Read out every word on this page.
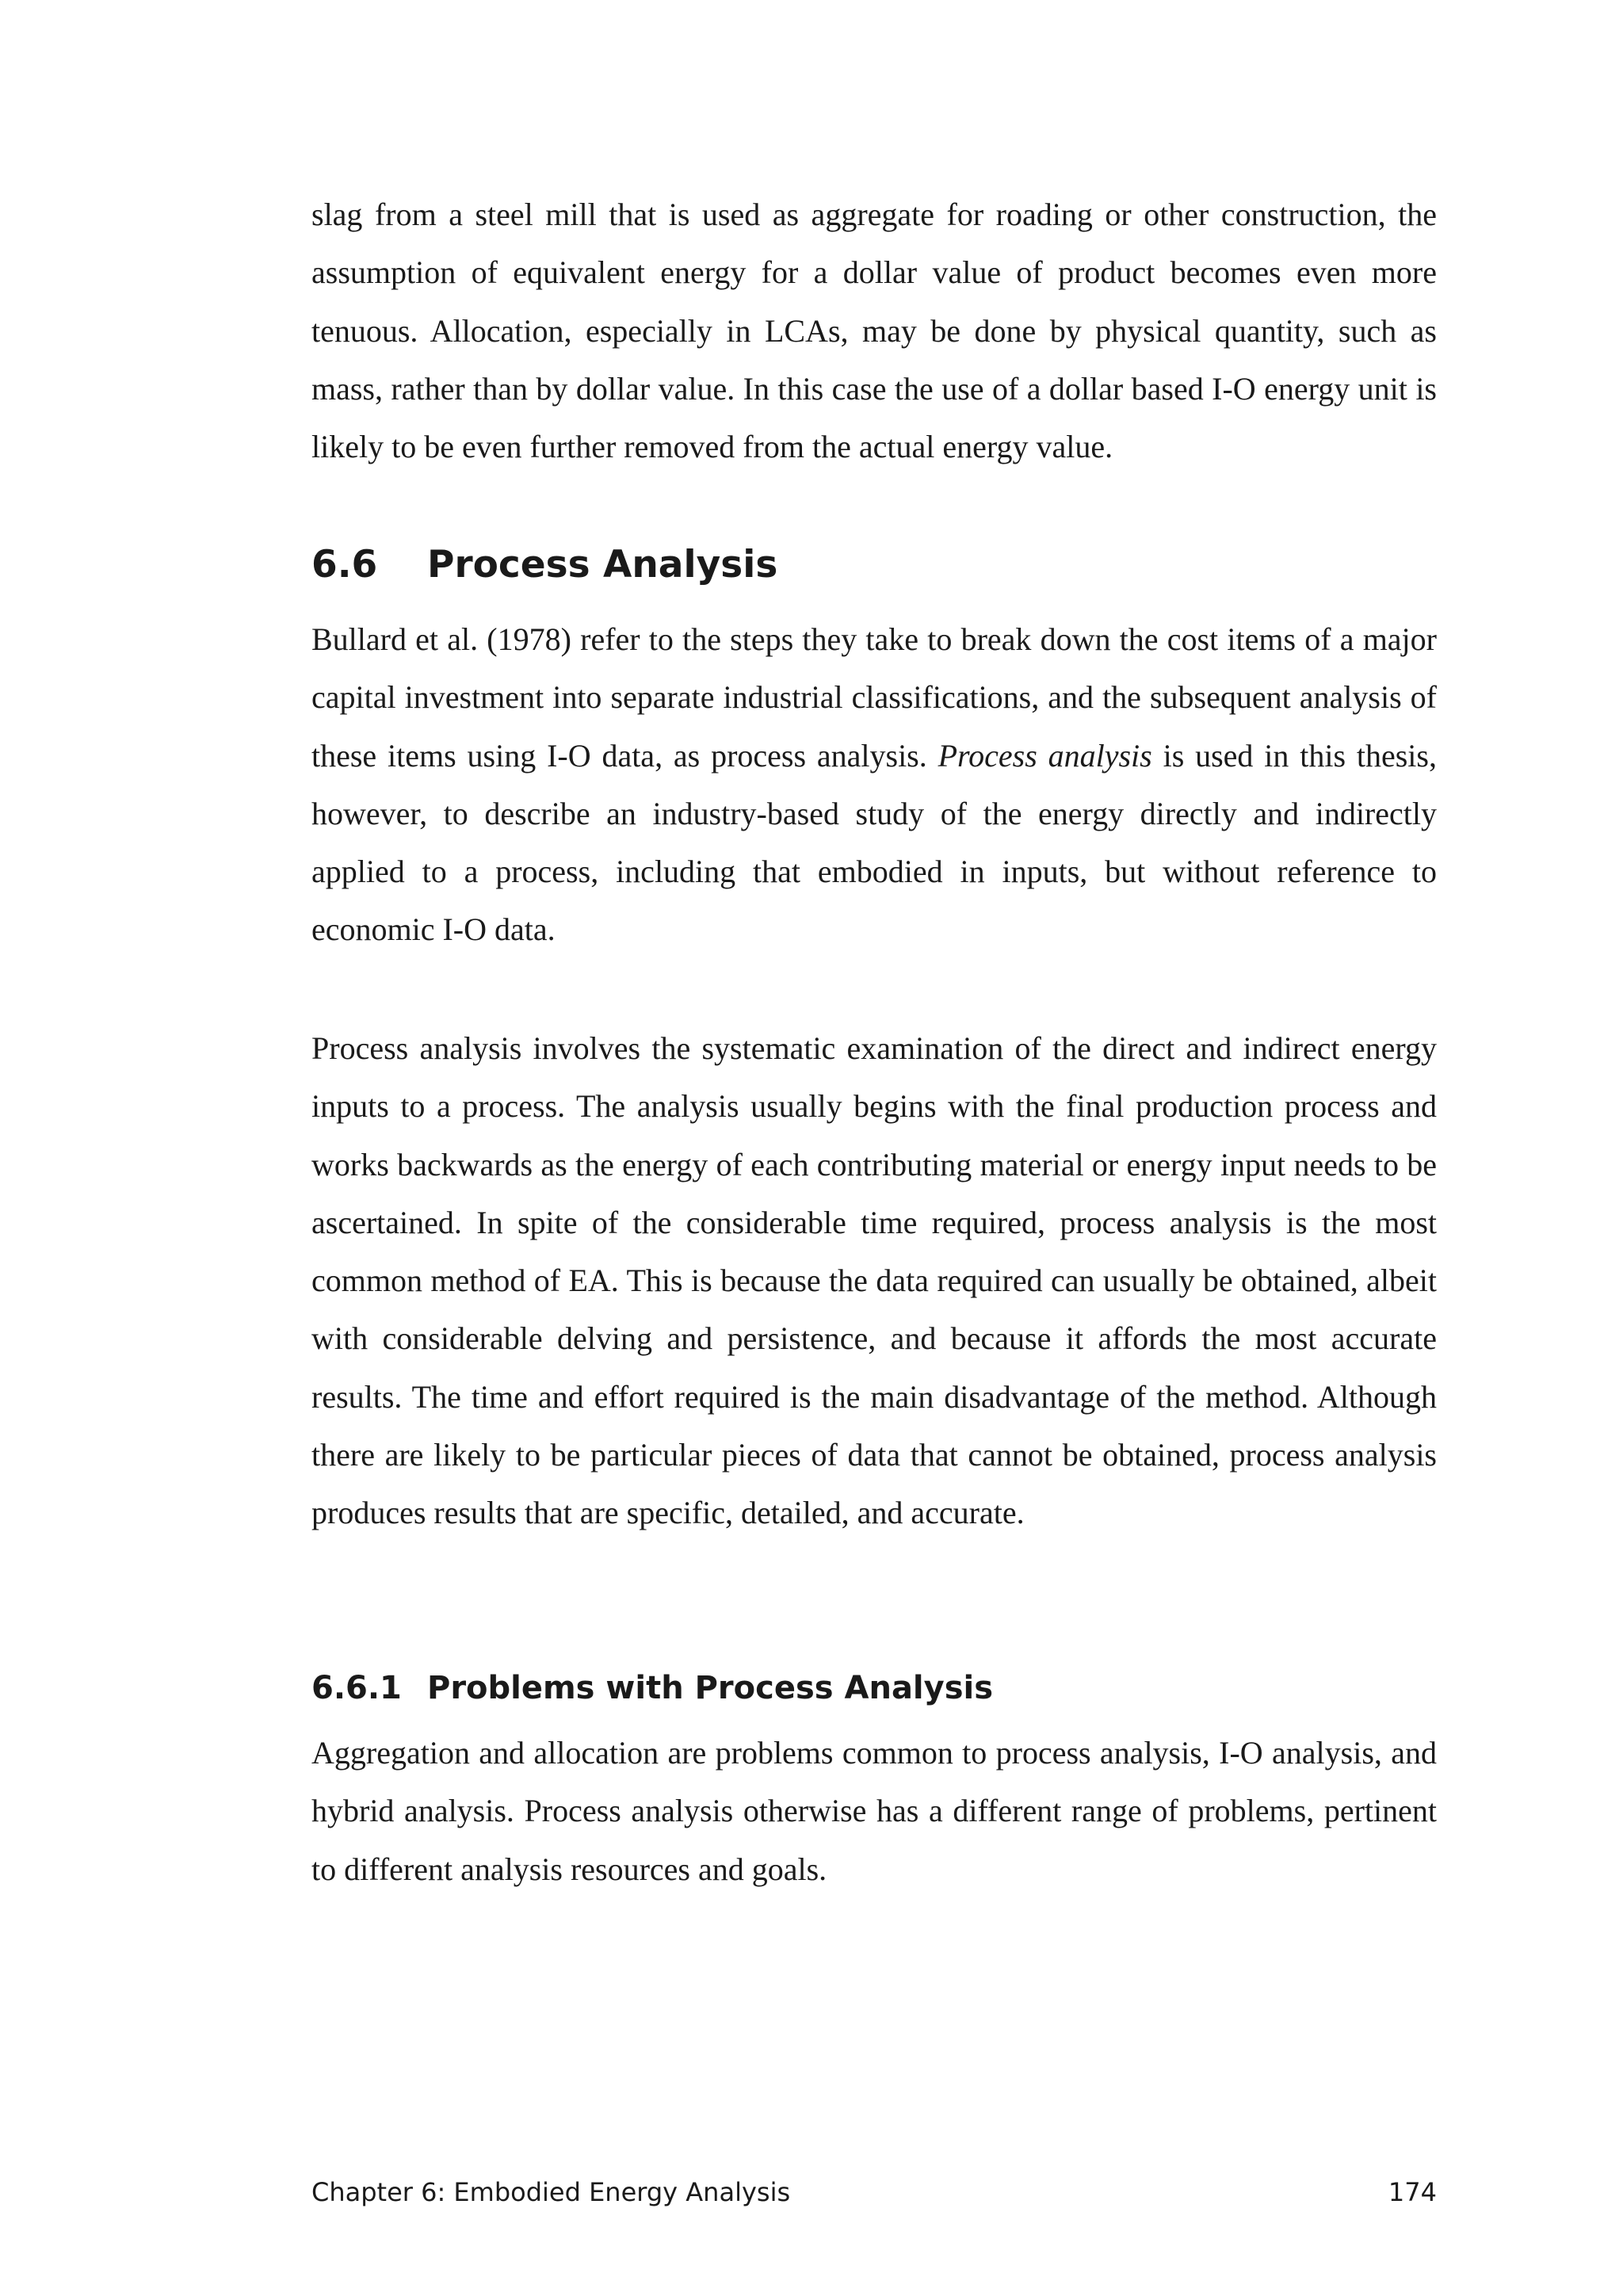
slag from a steel mill that is used as aggregate for roading or other construction, the assumption of equivalent energy for a dollar value of product becomes even more tenuous. Allocation, especially in LCAs, may be done by physical quantity, such as mass, rather than by dollar value. In this case the use of a dollar based I-O energy unit is likely to be even further removed from the actual energy value.

6.6 Process Analysis

Bullard et al. (1978) refer to the steps they take to break down the cost items of a major capital investment into separate industrial classifications, and the subsequent analysis of these items using I-O data, as process analysis. Process analysis is used in this thesis, however, to describe an industry-based study of the energy directly and indirectly applied to a process, including that embodied in inputs, but without reference to economic I-O data.

Process analysis involves the systematic examination of the direct and indirect energy inputs to a process. The analysis usually begins with the final production process and works backwards as the energy of each contributing material or energy input needs to be ascertained. In spite of the considerable time required, process analysis is the most common method of EA. This is because the data required can usually be obtained, albeit with considerable delving and persistence, and because it affords the most accurate results. The time and effort required is the main disadvantage of the method. Although there are likely to be particular pieces of data that cannot be obtained, process analysis produces results that are specific, detailed, and accurate.

6.6.1 Problems with Process Analysis

Aggregation and allocation are problems common to process analysis, I-O analysis, and hybrid analysis. Process analysis otherwise has a different range of problems, pertinent to different analysis resources and goals.

Chapter 6: Embodied Energy Analysis	174
